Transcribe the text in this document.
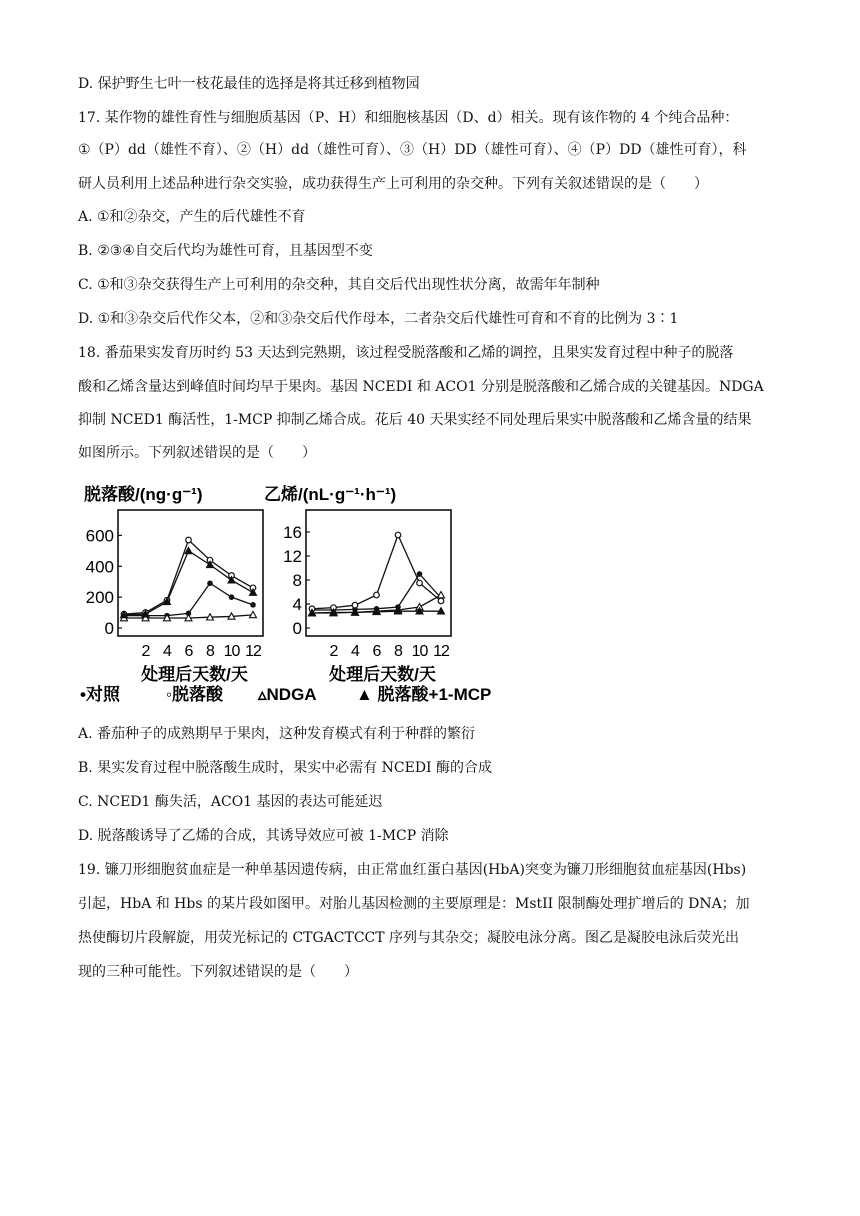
D. 保护野生七叶一枝花最佳的选择是将其迁移到植物园
17. 某作物的雄性育性与细胞质基因（P、H）和细胞核基因（D、d）相关。现有该作物的 4 个纯合品种：
①（P）dd（雄性不育）、②（H）dd（雄性可育）、③（H）DD（雄性可育）、④（P）DD（雄性可育），科
研人员利用上述品种进行杂交实验，成功获得生产上可利用的杂交种。下列有关叙述错误的是（　　）
A. ①和②杂交，产生的后代雄性不育
B. ②③④自交后代均为雄性可育，且基因型不变
C. ①和③杂交获得生产上可利用的杂交种，其自交后代出现性状分离，故需年年制种
D. ①和③杂交后代作父本，②和③杂交后代作母本，二者杂交后代雄性可育和不育的比例为 3∶1
18. 番茄果实发育历时约 53 天达到完熟期，该过程受脱落酸和乙烯的调控，且果实发育过程中种子的脱落
酸和乙烯含量达到峰值时间均早于果肉。基因 NCEDI 和 ACO1 分别是脱落酸和乙烯合成的关键基因。NDGA
抑制 NCED1 酶活性，1-MCP 抑制乙烯合成。花后 40 天果实经不同处理后果实中脱落酸和乙烯含量的结果
如图所示。下列叙述错误的是（　　）
脱落酸/(ng·g⁻¹)
0
200
400
600
2 4 6 8 10 12
处理后天数/天
乙烯/(nL·g⁻¹·h⁻¹)
0
4
8
12
16
2 4 6 8 10 12
处理后天数/天
•对照	◦脱落酸 ▵NDGA ▲ 脱落酸+1-MCP
A. 番茄种子的成熟期早于果肉，这种发育模式有利于种群的繁衍
B. 果实发育过程中脱落酸生成时，果实中必需有 NCEDI 酶的合成
C. NCED1 酶失活，ACO1 基因的表达可能延迟
D. 脱落酸诱导了乙烯的合成，其诱导效应可被 1-MCP 消除
19. 镰刀形细胞贫血症是一种单基因遗传病，由正常血红蛋白基因(HbA)突变为镰刀形细胞贫血症基因(Hbs)
引起，HbA 和 Hbs 的某片段如图甲。对胎儿基因检测的主要原理是：MstII 限制酶处理扩增后的 DNA；加
热使酶切片段解旋，用荧光标记的 CTGACTCCT 序列与其杂交；凝胶电泳分离。图乙是凝胶电泳后荧光出
现的三种可能性。下列叙述错误的是（　　）
